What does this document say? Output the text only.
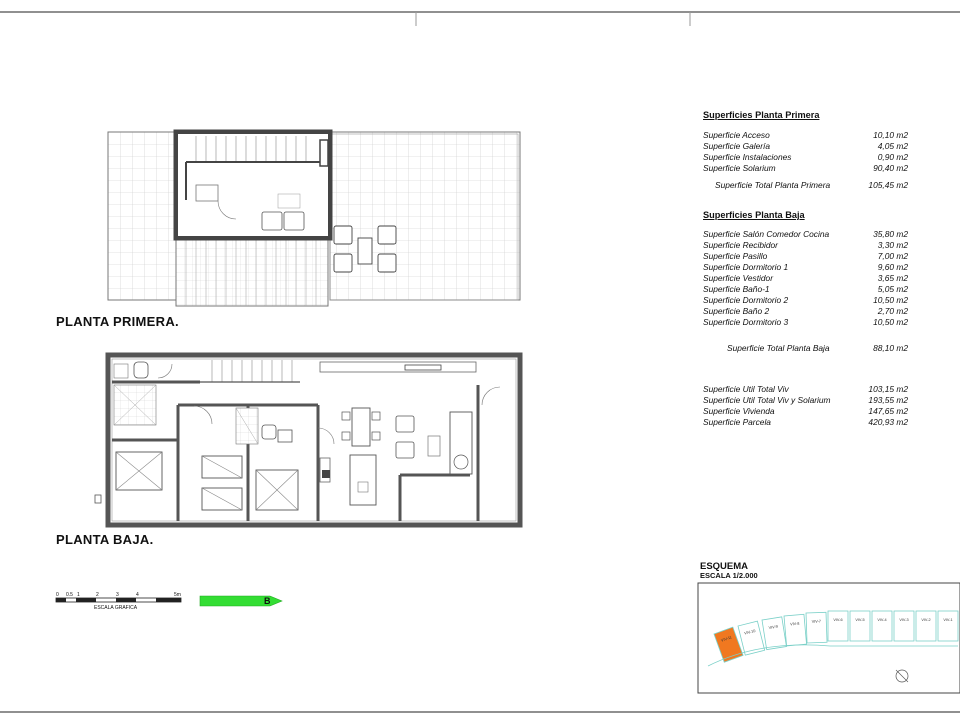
VIV-11
VIV-10
VIV-9
VIV-8
VIV-7	VIV-6	VIV-5	VIV-4	VIV-3	VIV-2	VIV-1
PLANTA PRIMERA.
PLANTA BAJA.
0 0.5 1	2	3	4	5m
ESCALA GRAFICA
B
Superficies Planta Primera
Superficie Acceso	10,10 m2
Superficie Galería	4,05 m2
Superficie Instalaciones	0,90 m2
Superficie Solarium	90,40 m2
Superficie Total Planta Primera	105,45 m2
Superficies Planta Baja
Superficie Salón Comedor Cocina	35,80 m2
Superficie Recibidor	3,30 m2
Superficie Pasillo	7,00 m2
Superficie Dormitorio 1	9,60 m2
Superficie Vestidor	3,65 m2
Superficie Baño-1	5,05 m2
Superficie Dormitorio 2	10,50 m2
Superficie Baño 2	2,70 m2
Superficie Dormitorio 3	10,50 m2
Superficie Total Planta Baja	88,10 m2
Superficie Util Total Viv	103,15 m2
Superficie Util Total Viv y Solarium	193,55 m2
Superficie Vivienda	147,65 m2
Superficie Parcela	420,93 m2
ESQUEMA
ESCALA 1/2.000
